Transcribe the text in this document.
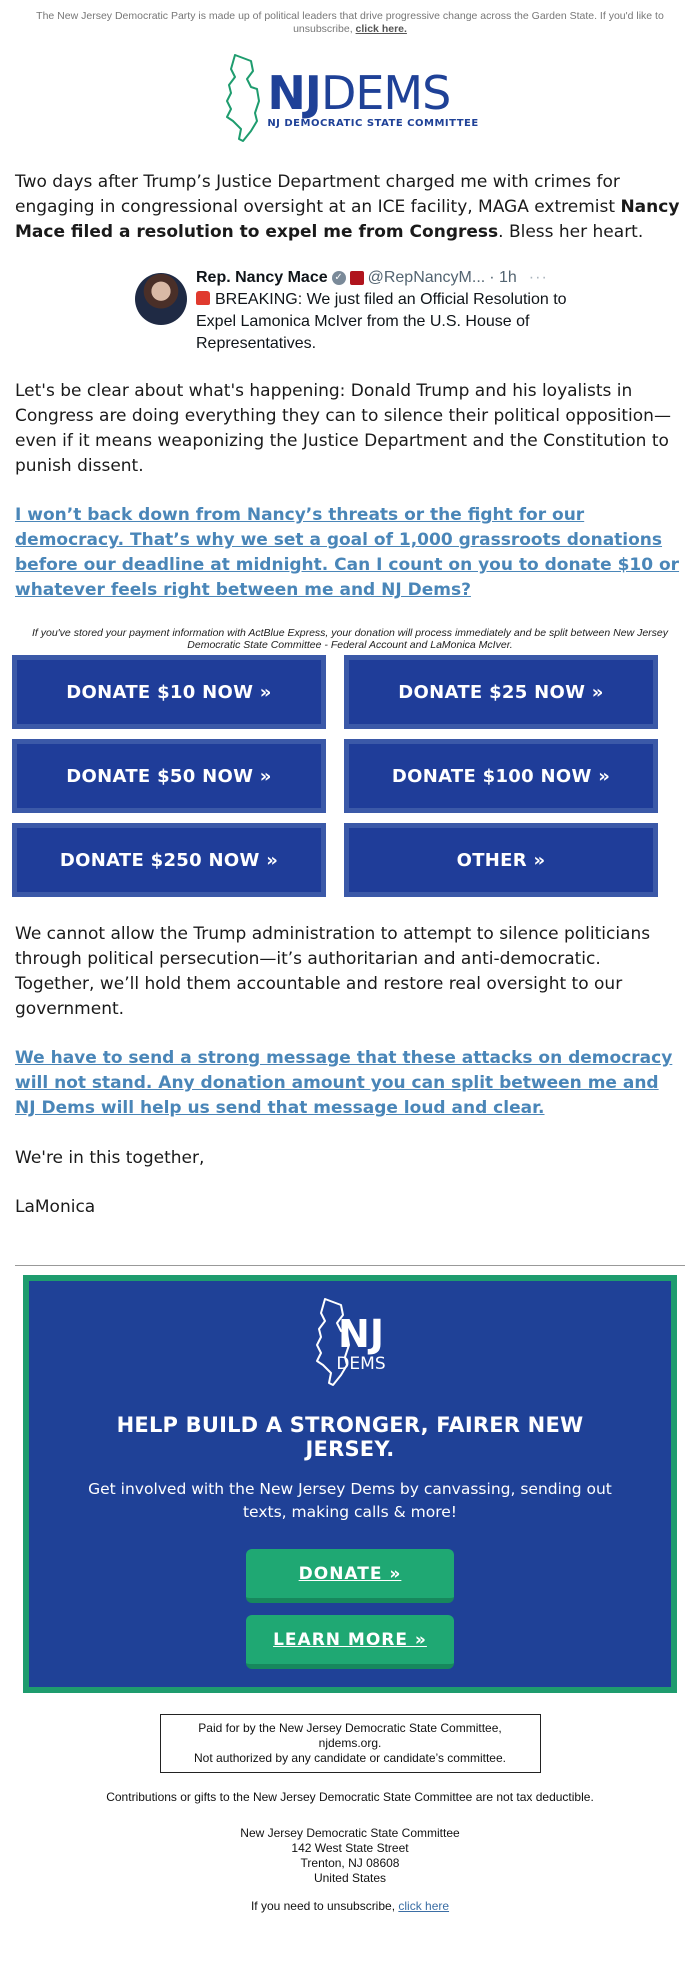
The New Jersey Democratic Party is made up of political leaders that drive progressive change across the Garden State. If you'd like to unsubscribe, click here.
NJDEMS
NJ DEMOCRATIC STATE COMMITTEE

Two days after Trump’s Justice Department charged me with crimes for engaging in congressional oversight at an ICE facility, MAGA extremist Nancy Mace filed a resolution to expel me from Congress. Bless her heart.

Rep. Nancy Mace ✓ @RepNancyM... · 1h ···
BREAKING: We just filed an Official Resolution to Expel Lamonica McIver from the U.S. House of Representatives.

Let's be clear about what's happening: Donald Trump and his loyalists in Congress are doing everything they can to silence their political opposition—even if it means weaponizing the Justice Department and the Constitution to punish dissent.

I won’t back down from Nancy’s threats or the fight for our democracy. That’s why we set a goal of 1,000 grassroots donations before our deadline at midnight. Can I count on you to donate $10 or whatever feels right between me and NJ Dems?
If you've stored your payment information with ActBlue Express, your donation will process immediately and be split between New Jersey Democratic State Committee - Federal Account and LaMonica McIver.
DONATE $10 NOW »	DONATE $25 NOW »
DONATE $50 NOW »	DONATE $100 NOW »
DONATE $250 NOW »	OTHER »

We cannot allow the Trump administration to attempt to silence politicians through political persecution—it’s authoritarian and anti-democratic. Together, we’ll hold them accountable and restore real oversight to our government.

We have to send a strong message that these attacks on democracy will not stand. Any donation amount you can split between me and NJ Dems will help us send that message loud and clear.

We're in this together,

LaMonica

NJ
DEMS
HELP BUILD A STRONGER, FAIRER NEW JERSEY.

Get involved with the New Jersey Dems by canvassing, sending out texts, making calls & more!

DONATE »
LEARN MORE »
Paid for by the New Jersey Democratic State Committee,
njdems.org.
Not authorized by any candidate or candidate’s committee.
Contributions or gifts to the New Jersey Democratic State Committee are not tax deductible.
New Jersey Democratic State Committee
142 West State Street
Trenton, NJ 08608
United States
If you need to unsubscribe, click here
